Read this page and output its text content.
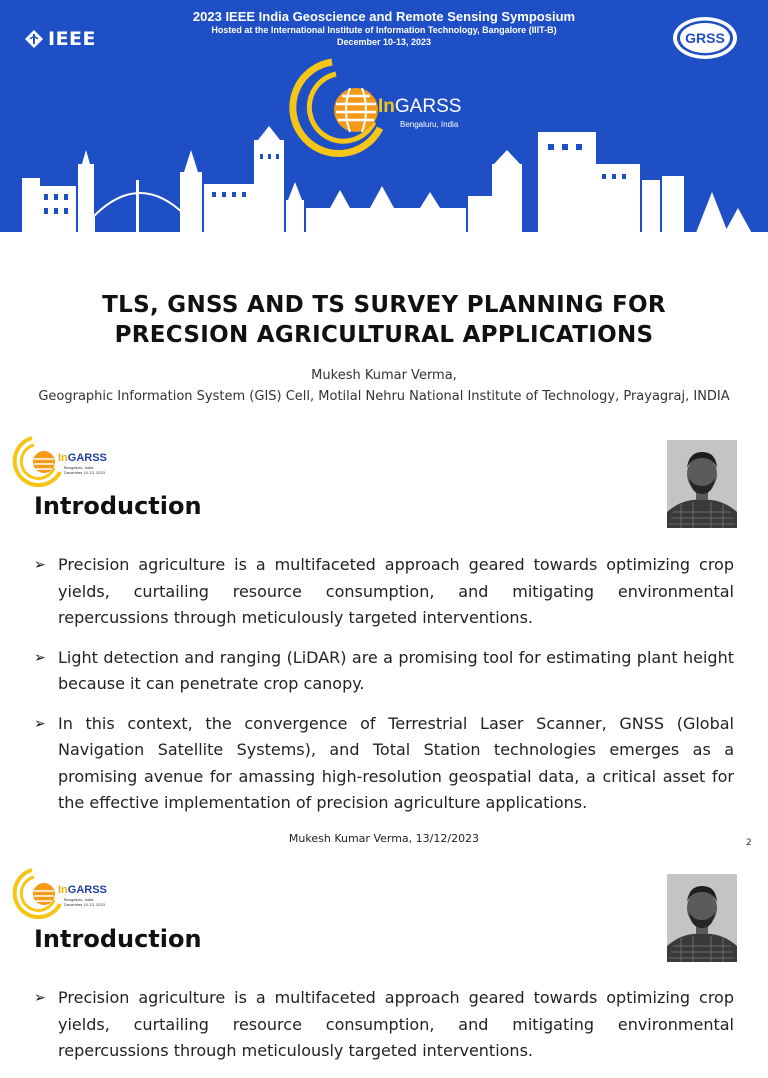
IEEE
2023 IEEE India Geoscience and Remote Sensing Symposium
Hosted at the International Institute of Information Technology, Bangalore (IIIT-B)
December 10-13, 2023	GRSS
InGARSS
Bengaluru, India
TLS, GNSS AND TS SURVEY PLANNING FOR
PRECSION AGRICULTURAL APPLICATIONS
Mukesh Kumar Verma,
Geographic Information System (GIS) Cell, Motilal Nehru National Institute of Technology, Prayagraj, INDIA
InGARSS
Bengaluru, India
December 10-13, 2023
Introduction
➢ Precision agriculture is a multifaceted approach geared towards optimizing crop yields, curtailing resource consumption, and mitigating environmental repercussions through meticulously targeted interventions.
➢ Light detection and ranging (LiDAR) are a promising tool for estimating plant height because it can penetrate crop canopy.
➢ In this context, the convergence of Terrestrial Laser Scanner, GNSS (Global Navigation Satellite Systems), and Total Station technologies emerges as a promising avenue for amassing high-resolution geospatial data, a critical asset for the effective implementation of precision agriculture applications.
Mukesh Kumar Verma, 13/12/2023	2
InGARSS
Bengaluru, India
December 10-13, 2023
Introduction
➢ Precision agriculture is a multifaceted approach geared towards optimizing crop yields, curtailing resource consumption, and mitigating environmental repercussions through meticulously targeted interventions.
